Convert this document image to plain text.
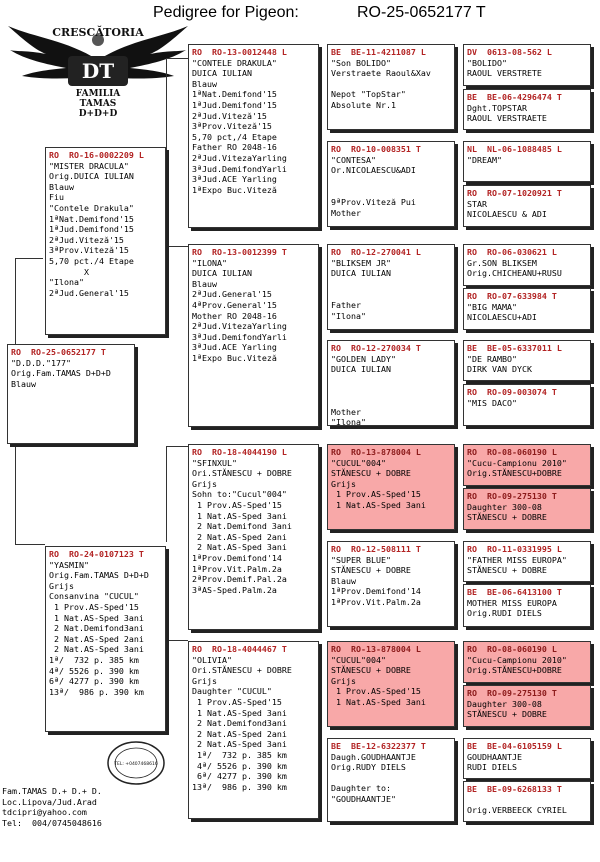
Pedigree for Pigeon:	RO-25-0652177 T
CRESCĂTORIA
DT
FAMILIA
TAMAS
D+D+D
RO  RO-25-0652177 T
"D.D.D."177"
Orig.Fam.TAMAS D+D+D
Blauw
RO  RO-16-0002209 L
"MISTER DRACULA"
Orig.DUICA IULIAN
Blauw
Fiu
"Contele Drakula"
1ªNat.Demifond'15
1ªJud.Demifond'15
2ªJud.Viteză'15
3ªProv.Viteză'15
5,70 pct./4 Etape
X
"Ilona"
2ªJud.General'15
RO  RO-24-0107123 T
"YASMIN"
Orig.Fam.TAMAS D+D+D
Grijs
Consanvina "CUCUL"
1 Prov.AS-Sped'15
1 Nat.AS-Sped 3ani
2 Nat.Demifond3ani
2 Nat.AS-Sped 2ani
2 Nat.AS-Sped 3ani
1ª/  732 p. 385 km
4ª/ 5526 p. 390 km
6ª/ 4277 p. 390 km
13ª/  986 p. 390 km
RO  RO-13-0012448 L
"CONTELE DRAKULA"
DUICA IULIAN
Blauw
1ªNat.Demifond'15
1ªJud.Demifond'15
2ªJud.Viteză'15
3ªProv.Viteză'15
5,70 pct,/4 Etape
Father RO 2048-16
2ªJud.VitezaYarling
3ªJud.DemifondYarli
3ªJud.ACE Yarling
1ªExpo Buc.Viteză
RO  RO-13-0012399 T
"ILONA"
DUICA IULIAN
Blauw
2ªJud.General'15
4ªProv.General'15
Mother RO 2048-16
2ªJud.VitezaYarling
3ªJud.DemifondYarli
3ªJud.ACE Yarling
1ªExpo Buc.Viteză
RO  RO-18-4044190 L
"SFINXUL"
Ori.STĂNESCU + DOBRE
Grijs
Sohn to:"Cucul"004"
1 Prov.AS-Sped'15
1 Nat.AS-Sped 3ani
2 Nat.Demifond 3ani
2 Nat.AS-Sped 2ani
2 Nat.AS-Sped 3ani
1ªProv.Demifond'14
1ªProv.Vit.Palm.2a
2ªProv.Demif.Pal.2a
3ªAS-Sped.Palm.2a
RO  RO-18-4044467 T
"OLIVIA"
Ori.STĂNESCU + DOBRE
Grijs
Daughter "CUCUL"
1 Prov.AS-Sped'15
1 Nat.AS-Sped 3ani
2 Nat.Demifond3ani
2 Nat.AS-Sped 2ani
2 Nat.AS-Sped 3ani
1ª/  732 p. 385 km
4ª/ 5526 p. 390 km
6ª/ 4277 p. 390 km
13ª/  986 p. 390 km
BE  BE-11-4211087 L
"Son BOLIDO"
Verstraete Raoul&Xav
Nepot "TopStar"
Absolute Nr.1
RO  RO-10-008351 T
"CONTESA"
Or.NICOLAESCU&ADI
9ªProv.Viteză Pui
Mother
RO  RO-12-270041 L
"BLIKSEM JR"
DUICA IULIAN
Father
"Ilona"
RO  RO-12-270034 T
"GOLDEN LADY"
DUICA IULIAN
Mother
"Ilona"
RO  RO-13-878004 L
"CUCUL"004"
STĂNESCU + DOBRE
Grijs
1 Prov.AS-Sped'15
1 Nat.AS-Sped 3ani
RO  RO-12-508111 T
"SUPER BLUE"
STĂNESCU + DOBRE
Blauw
1ªProv.Demifond'14
1ªProv.Vit.Palm.2a
RO  RO-13-878004 L
"CUCUL"004"
STĂNESCU + DOBRE
Grijs
1 Prov.AS-Sped'15
1 Nat.AS-Sped 3ani
BE  BE-12-6322377 T
Daugh.GOUDHAANTJE
Orig.RUDY DIELS
Daughter to:
"GOUDHAANTJE"
DV  0613-08-562 L
"BOLIDO"
RAOUL VERSTRETE
BE  BE-06-4296474 T
Dght.TOPSTAR
RAOUL VERSTRAETE
NL  NL-06-1088485 L
"DREAM"
RO  RO-07-1020921 T
STAR
NICOLAESCU & ADI
RO  RO-06-030621 L
Gr.SON BLIKSEM
Orig.CHICHEANU+RUSU
RO  RO-07-633984 T
"BIG MAMA"
NICOLAESCU+ADI
BE  BE-05-6337011 L
"DE RAMBO"
DIRK VAN DYCK
RO  RO-09-003074 T
"MIS DACO"
RO  RO-08-060190 L
"Cucu-Campionu 2010"
Orig.STĂNESCU+DOBRE
RO  RO-09-275130 T
Daughter 300-08
STĂNESCU + DOBRE
RO  RO-11-0331995 L
"FATHER MISS EUROPA"
STĂNESCU + DOBRE
BE  BE-06-6413100 T
MOTHER MISS EUROPA
Orig.RUDI DIELS
RO  RO-08-060190 L
"Cucu-Campionu 2010"
Orig.STĂNESCU+DOBRE
RO  RO-09-275130 T
Daughter 300-08
STĂNESCU + DOBRE
BE  BE-04-6105159 L
GOUDHAANTJE
RUDI DIELS
BE  BE-09-6268133 T
Orig.VERBEECK CYRIEL
TEL: +0407468616
Fam.TAMAS D.+ D.+ D.
Loc.Lipova/Jud.Arad
tdcipri@yahoo.com
Tel:  004/0745048616
